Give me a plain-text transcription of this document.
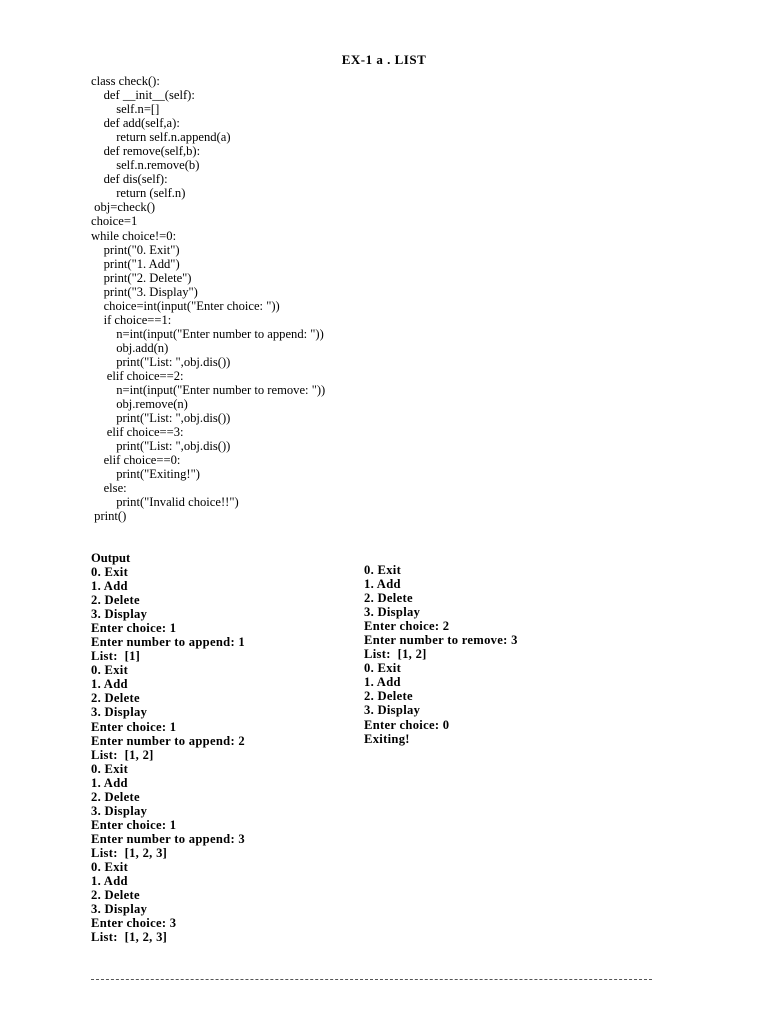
EX-1 a . LIST
class check():
def __init__(self):
self.n=[]
def add(self,a):
return self.n.append(a)
def remove(self,b):
self.n.remove(b)
def dis(self):
return (self.n)
obj=check()
choice=1
while choice!=0:
print("0. Exit")
print("1. Add")
print("2. Delete")
print("3. Display")
choice=int(input("Enter choice: "))
if choice==1:
n=int(input("Enter number to append: "))
obj.add(n)
print("List: ",obj.dis())
elif choice==2:
n=int(input("Enter number to remove: "))
obj.remove(n)
print("List: ",obj.dis())
elif choice==3:
print("List: ",obj.dis())
elif choice==0:
print("Exiting!")
else:
print("Invalid choice!!")
print()
Output
0. Exit
1. Add
2. Delete
3. Display
Enter choice: 1
Enter number to append: 1
List:  [1]
0. Exit
1. Add
2. Delete
3. Display
Enter choice: 1
Enter number to append: 2
List:  [1, 2]
0. Exit
1. Add
2. Delete
3. Display
Enter choice: 1
Enter number to append: 3
List:  [1, 2, 3]
0. Exit
1. Add
2. Delete
3. Display
Enter choice: 3
List:  [1, 2, 3]
0. Exit
1. Add
2. Delete
3. Display
Enter choice: 2
Enter number to remove: 3
List:  [1, 2]
0. Exit
1. Add
2. Delete
3. Display
Enter choice: 0
Exiting!
